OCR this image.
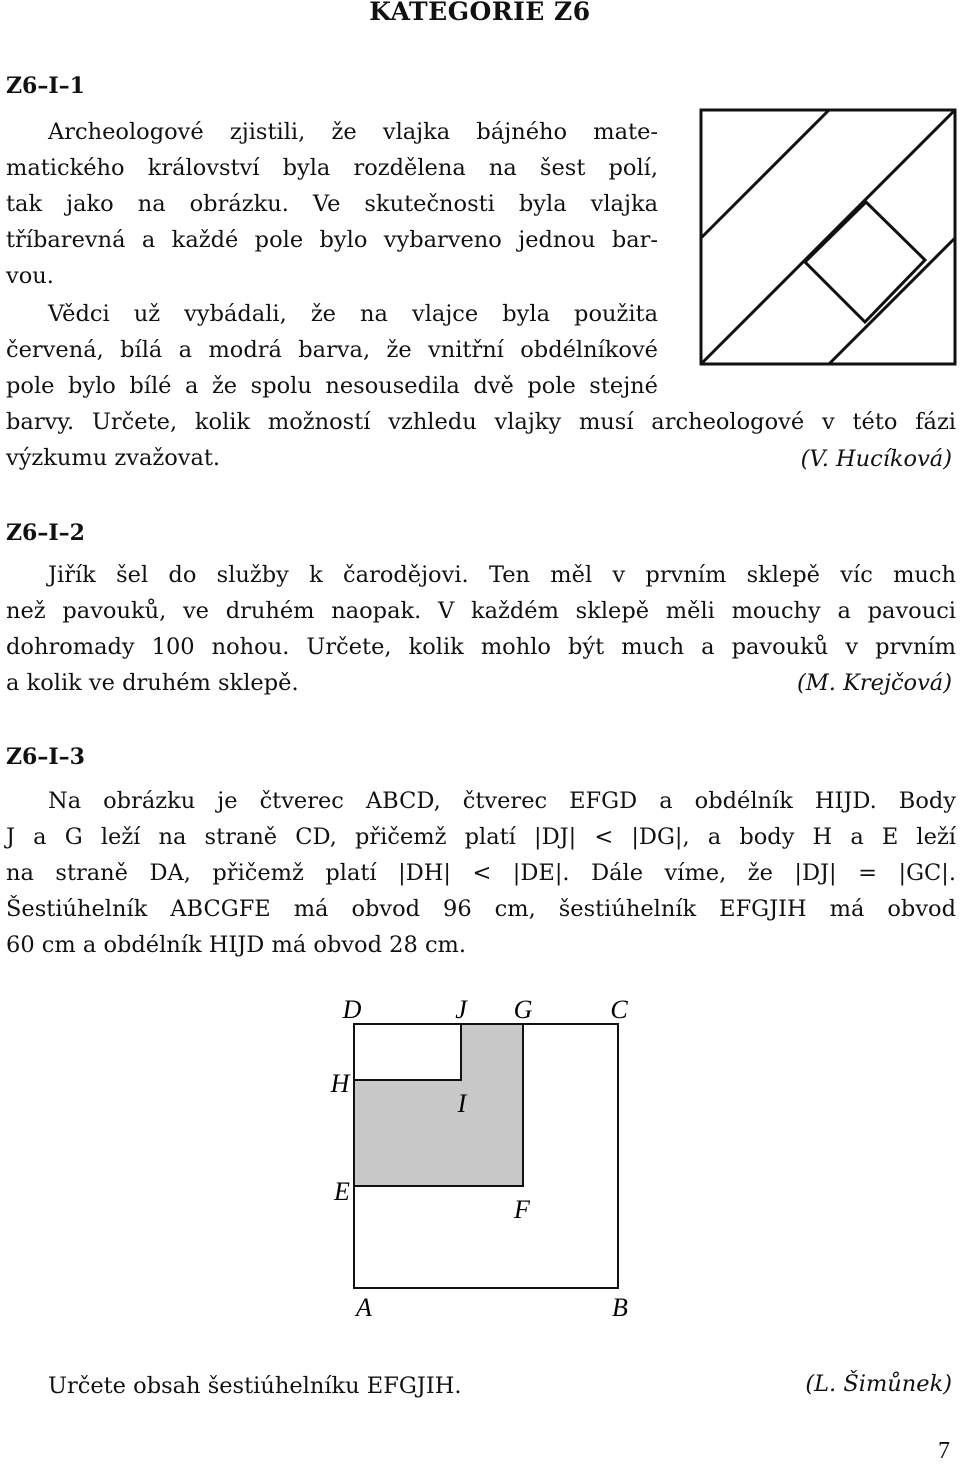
KATEGORIE Z6
Z6–I–1
Archeologové zjistili, že vlajka bájného mate-
matického království byla rozdělena na šest polí,
tak jako na obrázku. Ve skutečnosti byla vlajka
tříbarevná a každé pole bylo vybarveno jednou bar-
vou.
Vědci už vybádali, že na vlajce byla použita
červená, bílá a modrá barva, že vnitřní obdélníkové
pole bylo bílé a že spolu nesousedila dvě pole stejné
barvy. Určete, kolik možností vzhledu vlajky musí archeologové v této fázi
výzkumu zvažovat.	(V. Hucíková)
Z6–I–2
Jiřík šel do služby k čarodějovi. Ten měl v prvním sklepě víc much
než pavouků, ve druhém naopak. V každém sklepě měli mouchy a pavouci
dohromady 100 nohou. Určete, kolik mohlo být much a pavouků v prvním
a kolik ve druhém sklepě.	(M. Krejčová)
Z6–I–3
Na obrázku je čtverec ABCD, čtverec EFGD a obdélník HIJD. Body
J a G leží na straně CD, přičemž platí |DJ| < |DG|, a body H a E leží
na straně DA, přičemž platí |DH| < |DE|. Dále víme, že |DJ| = |GC|.
Šestiúhelník ABCGFE má obvod 96 cm, šestiúhelník EFGJIH má obvod
60 cm a obdélník HIJD má obvod 28 cm.
D	J G	C
H
I
E
F
A	B
Určete obsah šestiúhelníku EFGJIH.	(L. Šimůnek)
7
